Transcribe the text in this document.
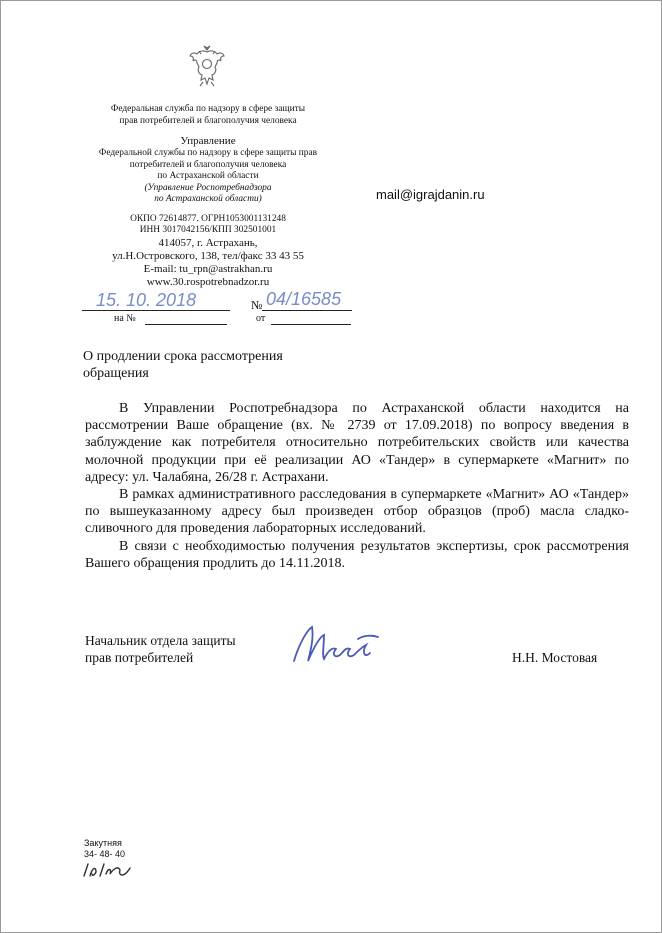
Федеральная служба по надзору в сфере защиты
прав потребителей и благополучия человека
Управление
Федеральной службы по надзору в сфере защиты прав
потребителей и благополучия человека
по Астраханской области
(Управление Роспотребнадзора
по Астраханской области)
ОКПО 72614877. ОГРН1053001131248
ИНН 3017042156/КПП 302501001
414057, г. Астрахань,
ул.Н.Островского, 138, тел/факс 33 43 55
E-mail: tu_rpn@astrakhan.ru
www.30.rospotrebnadzor.ru
mail@igrajdanin.ru
15. 10. 2018	№ 04/16585
на №	от
О продлении срока рассмотрения
обращения

В Управлении Роспотребнадзора по Астраханской области находится на рассмотрении Ваше обращение (вх. № 2739 от 17.09.2018) по вопросу введения в заблуждение как потребителя относительно потребительских свойств или качества молочной продукции при её реализации АО «Тандер» в супермаркете «Магнит» по адресу: ул. Чалабяна, 26/28 г. Астрахани.

В рамках административного расследования в супермаркете «Магнит» АО «Тандер» по вышеуказанному адресу был произведен отбор образцов (проб) масла сладко-сливочного для проведения лабораторных исследований.

В связи с необходимостью получения результатов экспертизы, срок рассмотрения Вашего обращения продлить до 14.11.2018.

Начальник отдела защиты
прав потребителей	Н.Н. Мостовая
Закутняя
34- 48- 40
